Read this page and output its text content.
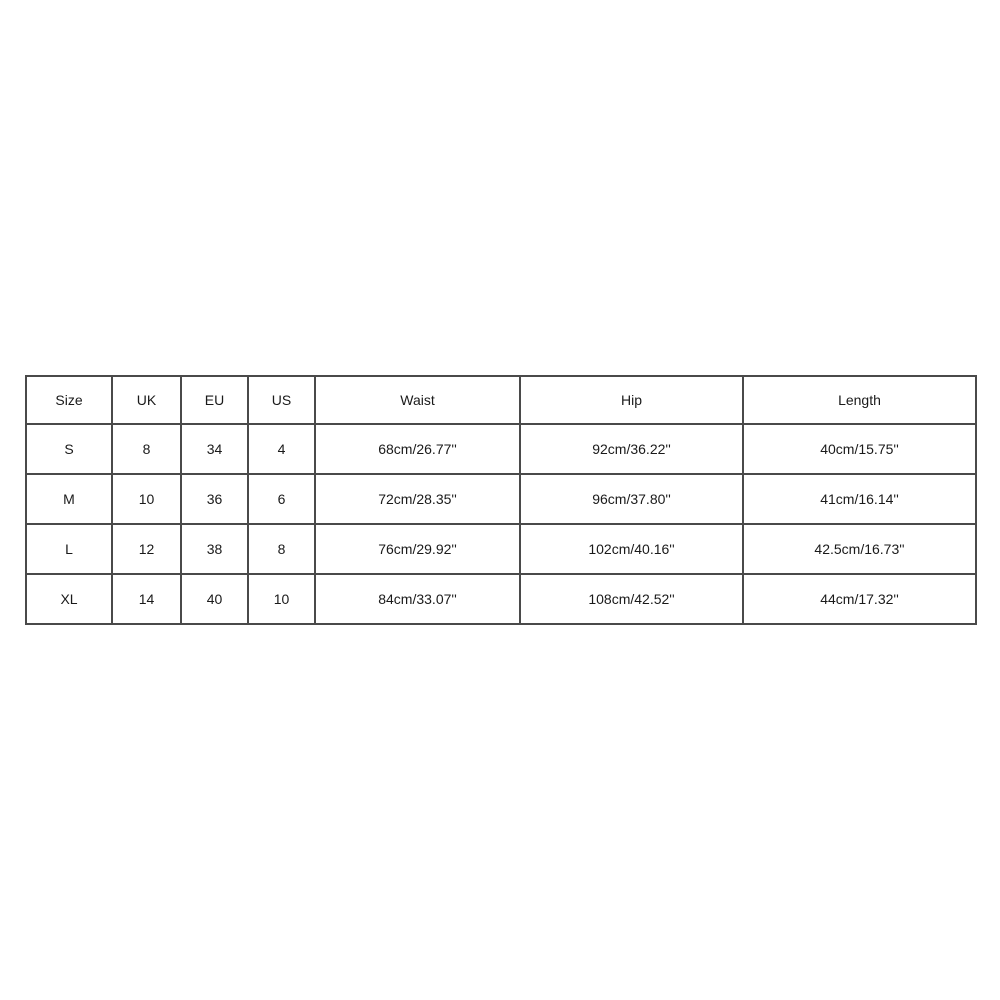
Size	UK	EU	US	Waist	Hip	Length
S	8	34	4	68cm/26.77''	92cm/36.22''	40cm/15.75''
M	10	36	6	72cm/28.35''	96cm/37.80''	41cm/16.14''
L	12	38	8	76cm/29.92''	102cm/40.16''	42.5cm/16.73''
XL	14	40	10	84cm/33.07''	108cm/42.52''	44cm/17.32''
